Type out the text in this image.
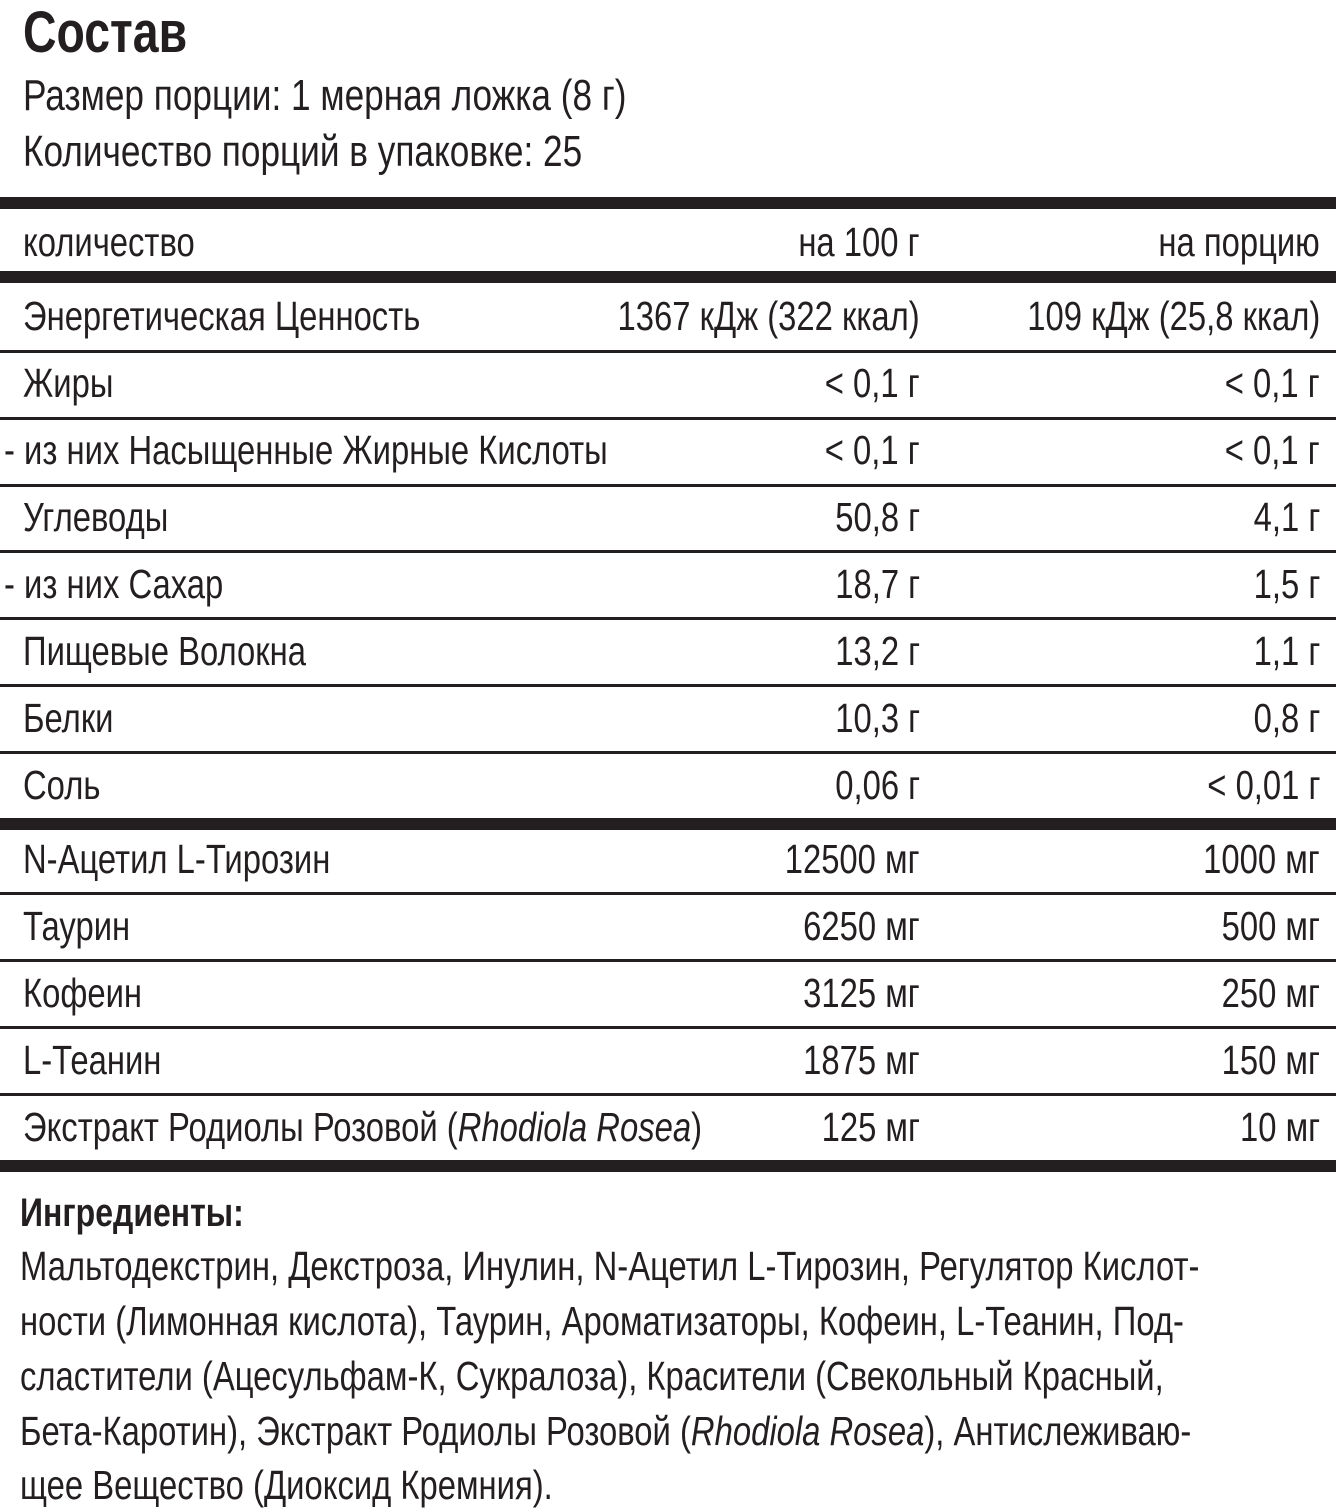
Состав
Размер порции: 1 мерная ложка (8 г)
Количество порций в упаковке: 25
количество	на 100 г	на порцию
Энергетическая Ценность	1367 кДж (322 ккал)	109 кДж (25,8 ккал)
Жиры	< 0,1 г	< 0,1 г
- из них Насыщенные Жирные Кислоты	< 0,1 г	< 0,1 г
Углеводы	50,8 г	4,1 г
- из них Сахар	18,7 г	1,5 г
Пищевые Волокна	13,2 г	1,1 г
Белки	10,3 г	0,8 г
Соль	0,06 г	< 0,01 г
N-Ацетил L-Тирозин	12500 мг	1000 мг
Таурин	6250 мг	500 мг
Кофеин	3125 мг	250 мг
L-Теанин	1875 мг	150 мг
Экстракт Родиолы Розовой (Rhodiola Rosea)	125 мг	10 мг
Ингредиенты:
Мальтодекстрин, Декстроза, Инулин, N-Ацетил L-Тирозин, Регулятор Кислот-
ности (Лимонная кислота), Таурин, Ароматизаторы, Кофеин, L-Теанин, Под-
сластители (Ацесульфам-К, Сукралоза), Красители (Свекольный Красный,
Бета-Каротин), Экстракт Родиолы Розовой (Rhodiola Rosea), Антислеживаю-
щее Вещество (Диоксид Кремния).
